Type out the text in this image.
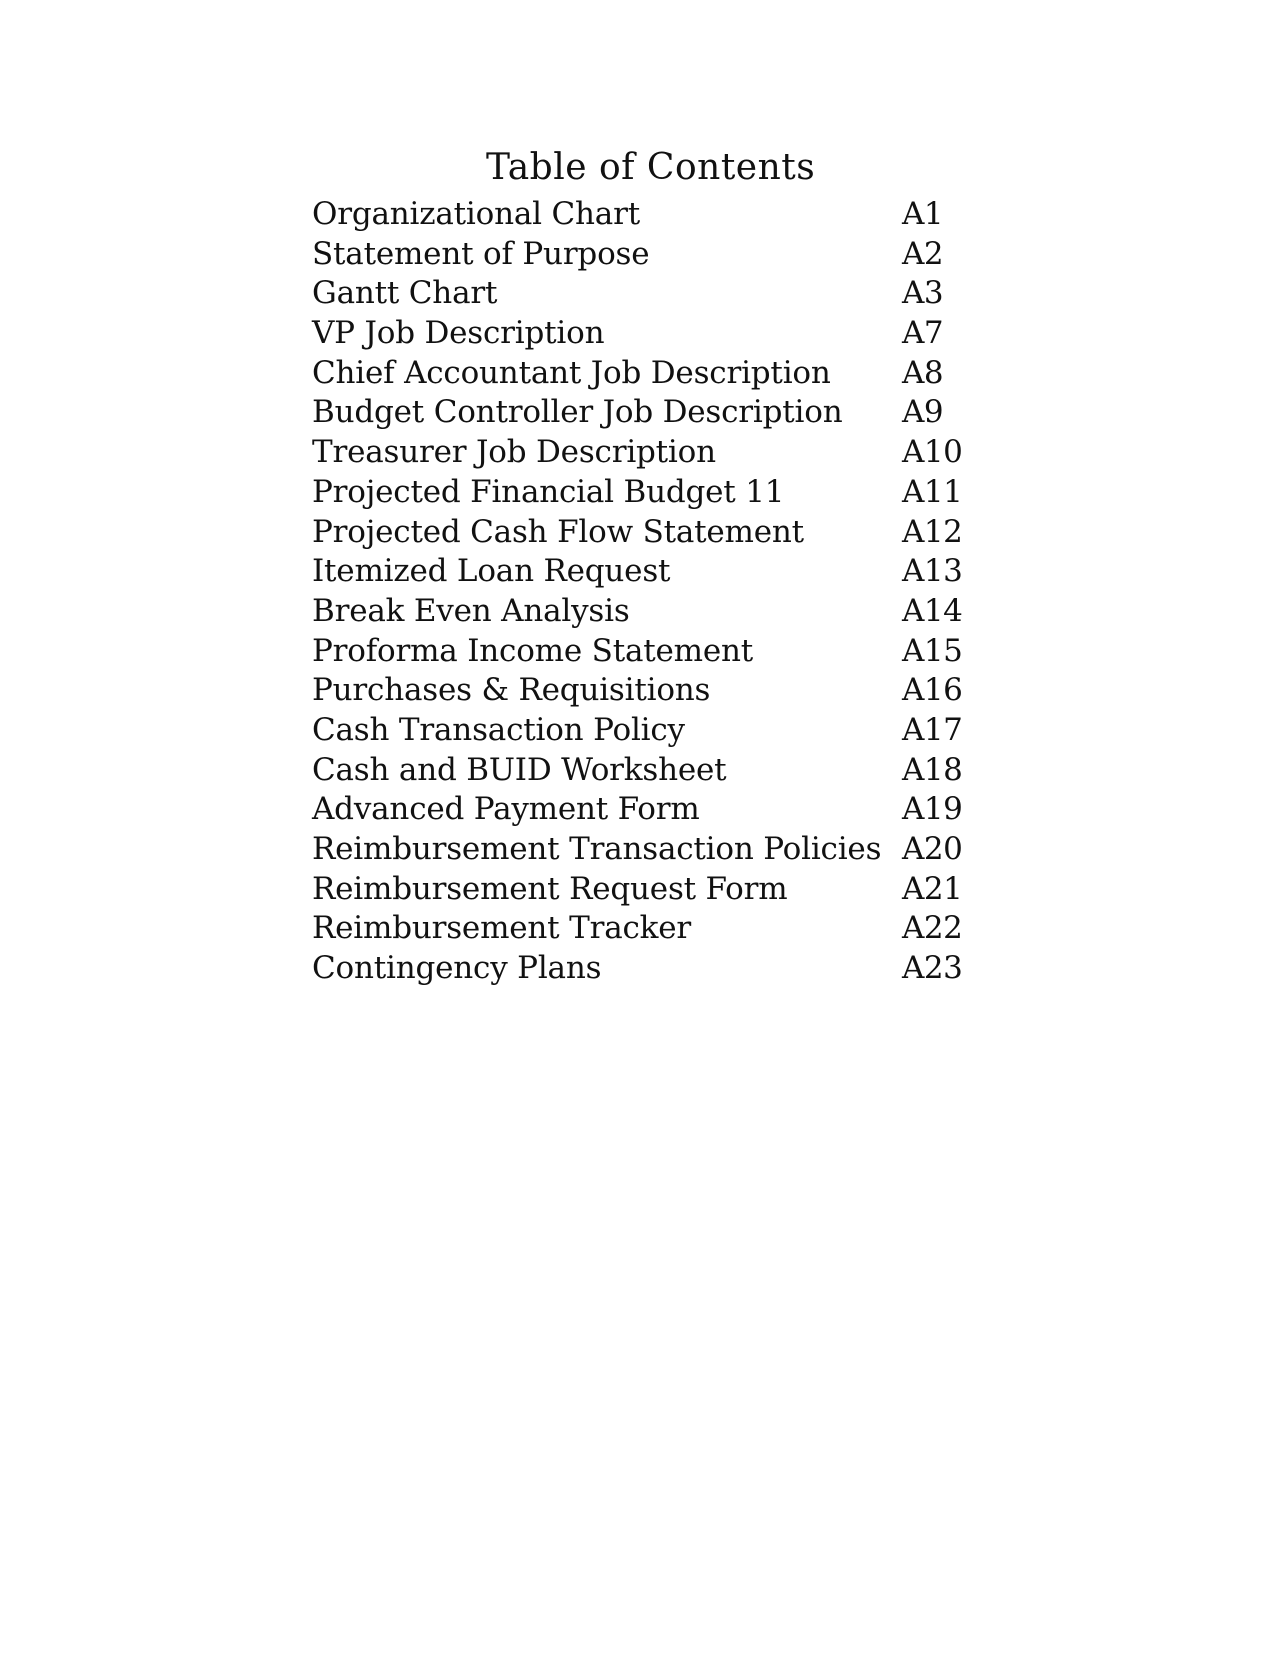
Table of Contents
Organizational Chart	A1
Statement of Purpose	A2
Gantt Chart	A3
VP Job Description	A7
Chief Accountant Job Description A8
Budget Controller Job Description A9
Treasurer Job Description	A10
Projected Financial Budget 11	A11
Projected Cash Flow Statement	A12
Itemized Loan Request	A13
Break Even Analysis	A14
Proforma Income Statement	A15
Purchases & Requisitions	A16
Cash Transaction Policy	A17
Cash and BUID Worksheet	A18
Advanced Payment Form	A19
Reimbursement Transaction Policies A20
Reimbursement Request Form	A21
Reimbursement Tracker	A22
Contingency Plans	A23
